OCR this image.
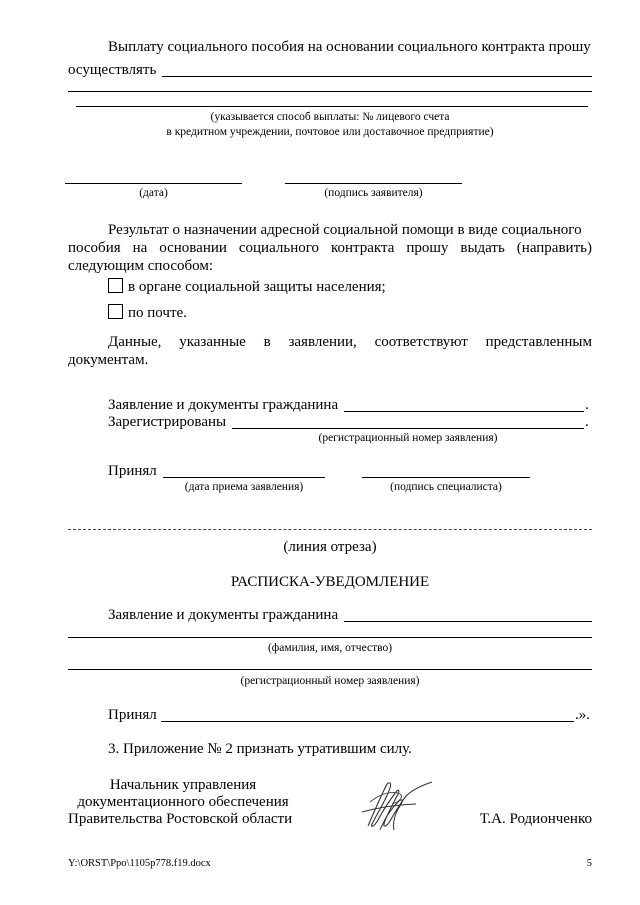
Выплату социального пособия на основании социального контракта прошу
осуществлять
(указывается способ выплаты: № лицевого счета
в кредитном учреждении, почтовое или доставочное предприятие)
(дата)	(подпись заявителя)
Результат о назначении адресной социальной помощи в виде социального
пособия на основании социального контракта прошу выдать (направить)
следующим способом:
в органе социальной защиты населения;
по почте.
Данные, указанные в заявлении, соответствуют представленным
документам.
Заявление и документы гражданина	.
Зарегистрированы	.
(регистрационный номер заявления)
Принял
(дата приема заявления)	(подпись специалиста)
(линия отреза)
РАСПИСКА-УВЕДОМЛЕНИЕ
Заявление и документы гражданина
(фамилия, имя, отчество)
(регистрационный номер заявления)
Принял	.».
3. Приложение № 2 признать утратившим силу.
Начальник управления
документационного обеспечения
Правительства Ростовской области	Т.А. Родионченко
Y:\ORST\Ppo\1105p778.f19.docx	5
